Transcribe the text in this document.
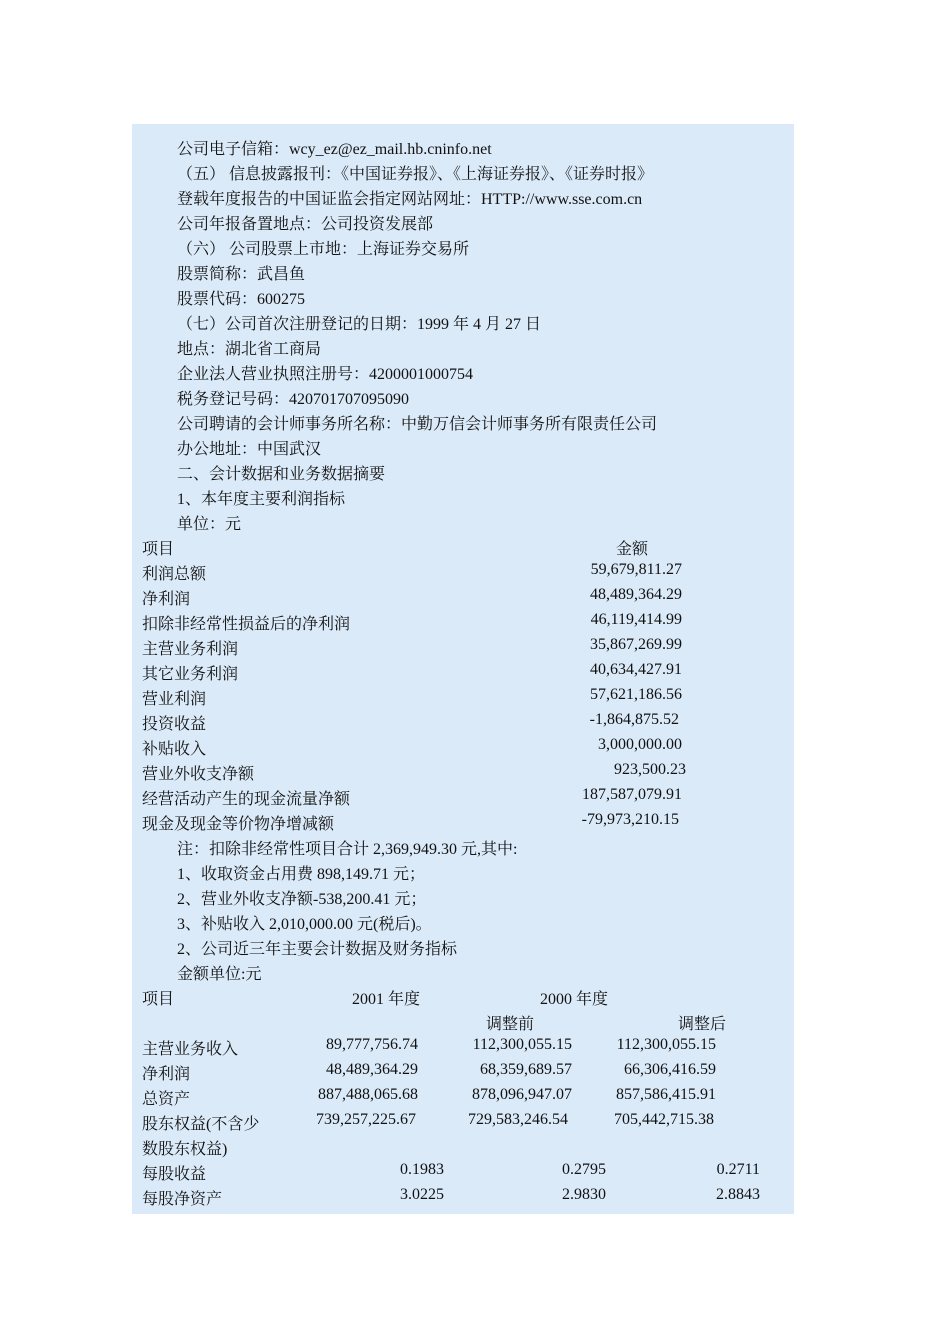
公司电子信箱：wcy_ez@ez_mail.hb.cninfo.net
（五） 信息披露报刊：《中国证券报》、《上海证券报》、《证券时报》
登载年度报告的中国证监会指定网站网址：HTTP://www.sse.com.cn
公司年报备置地点：公司投资发展部
（六） 公司股票上市地：上海证券交易所
股票简称：武昌鱼
股票代码：600275
（七）公司首次注册登记的日期：1999 年 4 月 27 日
地点：湖北省工商局
企业法人营业执照注册号：4200001000754
税务登记号码：420701707095090
公司聘请的会计师事务所名称：中勤万信会计师事务所有限责任公司
办公地址：中国武汉
二、会计数据和业务数据摘要
1、本年度主要利润指标
单位：元
项目	金额
利润总额	59,679,811.27
净利润	48,489,364.29
扣除非经常性损益后的净利润	46,119,414.99
主营业务利润	35,867,269.99
其它业务利润	40,634,427.91
营业利润	57,621,186.56
投资收益	-1,864,875.52
补贴收入	3,000,000.00
营业外收支净额	923,500.23
经营活动产生的现金流量净额	187,587,079.91
现金及现金等价物净增减额	-79,973,210.15
注：扣除非经常性项目合计 2,369,949.30 元,其中:
1、收取资金占用费 898,149.71 元；
2、营业外收支净额-538,200.41 元；
3、补贴收入 2,010,000.00 元(税后)。
2、公司近三年主要会计数据及财务指标
金额单位:元
项目	2001 年度	2000 年度
调整前	调整后
主营业务收入	89,777,756.74	112,300,055.15	112,300,055.15
净利润	48,489,364.29	68,359,689.57	66,306,416.59
总资产	887,488,065.68	878,096,947.07	857,586,415.91
股东权益(不含少
数股东权益)
739,257,225.67	729,583,246.54	705,442,715.38
每股收益	0.1983	0.2795	0.2711
每股净资产	3.0225	2.9830	2.8843
